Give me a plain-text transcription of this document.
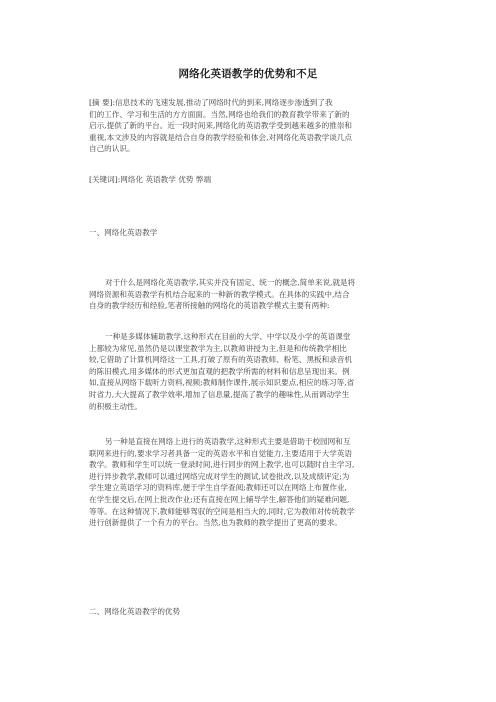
网络化英语教学的优势和不足
[摘 要]:信息技术的飞速发展,推动了网络时代的到来,网络逐步渗透到了我
们的工作、学习和生活的方方面面。当然,网络也给我们的教育教学带来了新的
启示,提供了新的平台。近一段时间来,网络化的英语教学受到越来越多的推崇和
重视,本文涉及的内容就是结合自身的教学经验和体会,对网络化英语教学谈几点
自己的认识。
[关键词]:网络化 英语教学 优势 弊端
一、网络化英语教学
对于什么是网络化英语教学,其实并没有固定、统一的概念,简单来说,就是将
网络资源和英语教学有机结合起来的一种新的教学模式。在具体的实践中,结合
自身的教学经历和经验,笔者所接触的网络化的英语教学模式主要有两种:
一种是多媒体辅助教学,这种形式在目前的大学、中学以及小学的英语课堂
上都较为常见,虽然仍是以课堂教学为主,以教师讲授为主,但是和传统教学相比
较,它借助了计算机网络这一工具,打破了原有的英语教师、粉笔、黑板和录音机
的陈旧模式,用多媒体的形式更加直观的把教学所需的材料和信息呈现出来。例
如,直接从网络下载听力资料,视频;教师制作课件,展示知识要点,相应的练习等,省
时省力,大大提高了教学效率,增加了信息量,提高了教学的趣味性,从而调动学生
的积极主动性。
另一种是直接在网络上进行的英语教学,这种形式主要是借助于校园网和互
联网来进行的,要求学习者具备一定的英语水平和自觉能力,主要适用于大学英语
教学。教师和学生可以统一登录时间,进行同步的网上教学,也可以随时自主学习,
进行异步教学,教师可以通过网络完成对学生的测试,试卷批改,以及成绩评定;为
学生建立英语学习的资料库,便于学生自学查阅;教师还可以在网络上布置作业,
在学生提交后,在网上批改作业;还有直接在网上辅导学生,解答他们的疑难问题,
等等。在这种情况下,教师能够驾驭的空间是相当大的,同时,它为教师对传统教学
进行创新提供了一个有力的平台。当然,也为教师的教学提出了更高的要求。
二、网络化英语教学的优势
